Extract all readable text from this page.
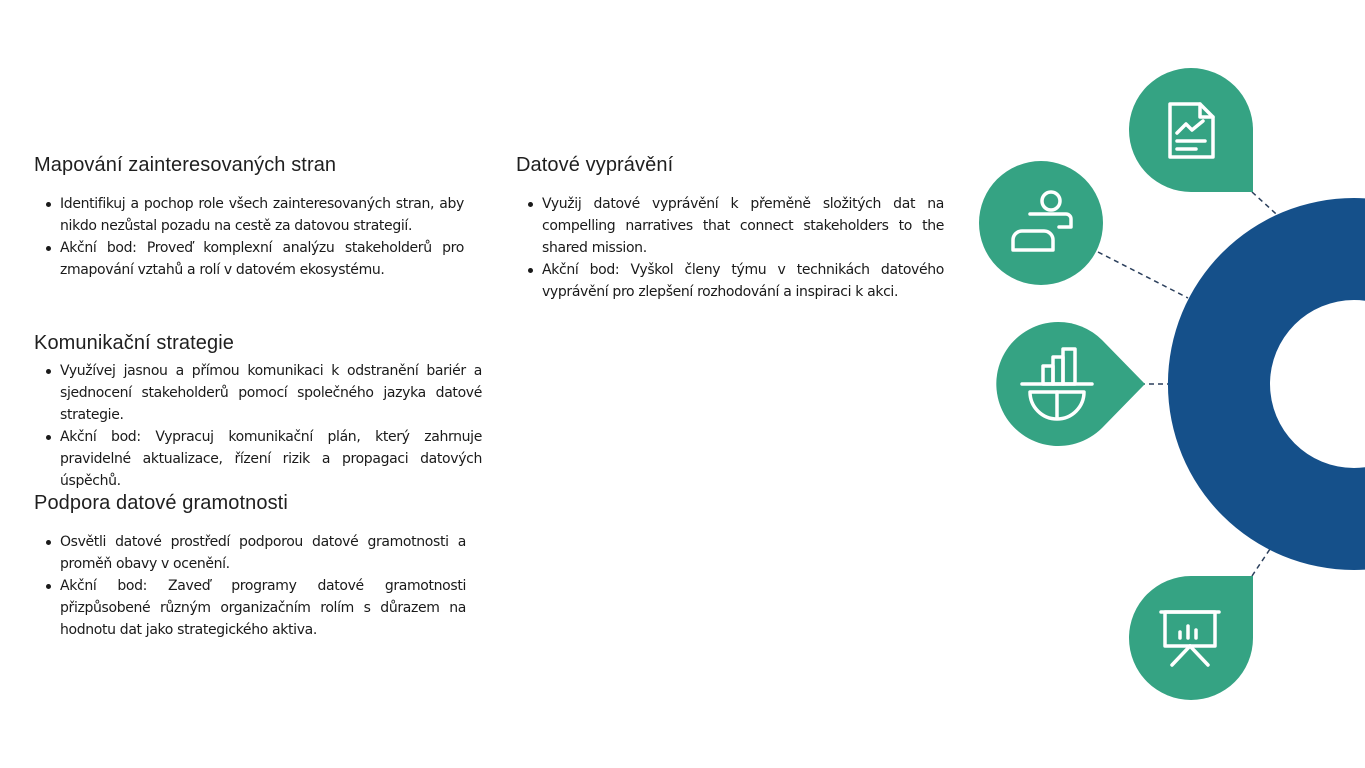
Mapování zainteresovaných stran
Identifikuj a pochop role všech zainteresovaných stran, aby nikdo nezůstal pozadu na cestě za datovou strategií.
Akční bod: Proveď komplexní analýzu stakeholderů pro zmapování vztahů a rolí v datovém ekosystému.
Komunikační strategie
Využívej jasnou a přímou komunikaci k odstranění bariér a sjednocení stakeholderů pomocí společného jazyka datové strategie.
Akční bod: Vypracuj komunikační plán, který zahrnuje pravidelné aktualizace, řízení rizik a propagaci datových úspěchů.
Podpora datové gramotnosti
Osvětli datové prostředí podporou datové gramotnosti a proměň obavy v ocenění.
Akční bod: Zaveď programy datové gramotnosti přizpůsobené různým organizačním rolím s důrazem na hodnotu dat jako strategického aktiva.
Datové vyprávění
Využij datové vyprávění k přeměně složitých dat na compelling narratives that connect stakeholders to the shared mission.
Akční bod: Vyškol členy týmu v technikách datového vyprávění pro zlepšení rozhodování a inspiraci k akci.
